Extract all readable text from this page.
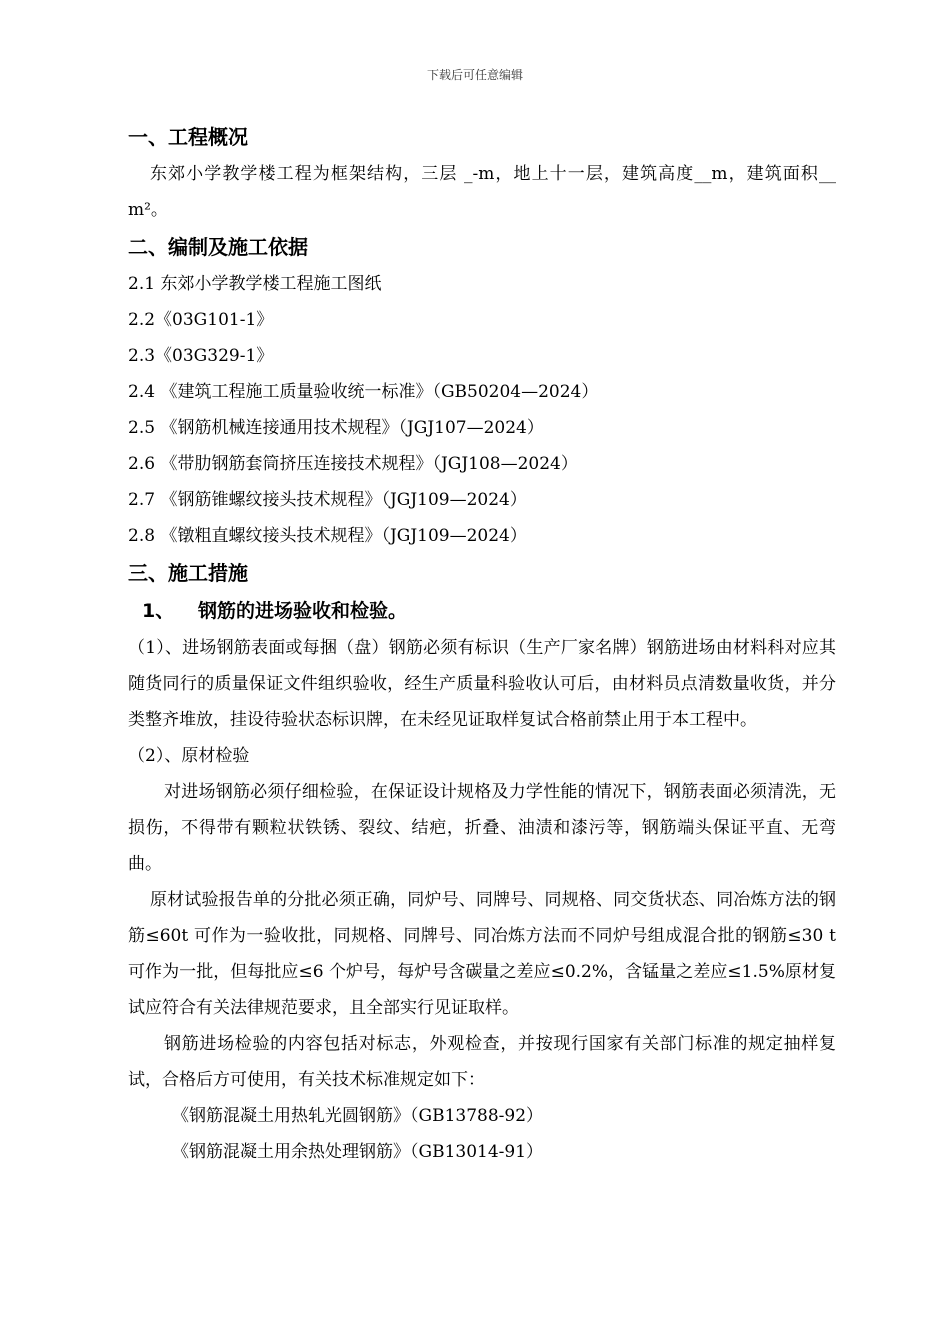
下载后可任意编辑
一、工程概况

东郊小学教学楼工程为框架结构，三层 _-m，地上十一层，建筑高度__m，建筑面积__ m²。

二、编制及施工依据

2.1 东郊小学教学楼工程施工图纸

2.2《03G101-1》

2.3《03G329-1》

2.4 《建筑工程施工质量验收统一标准》（GB50204—2024）

2.5 《钢筋机械连接通用技术规程》（JGJ107—2024）

2.6 《带肋钢筋套筒挤压连接技术规程》（JGJ108—2024）

2.7 《钢筋锥螺纹接头技术规程》（JGJ109—2024）

2.8 《镦粗直螺纹接头技术规程》（JGJ109—2024）

三、施工措施
1、 钢筋的进场验收和检验。

（1）、进场钢筋表面或每捆（盘）钢筋必须有标识（生产厂家名牌）钢筋进场由材料科对应其随货同行的质量保证文件组织验收，经生产质量科验收认可后，由材料员点清数量收货，并分类整齐堆放，挂设待验状态标识牌，在未经见证取样复试合格前禁止用于本工程中。

（2）、原材检验

对进场钢筋必须仔细检验，在保证设计规格及力学性能的情况下，钢筋表面必须清洗，无损伤，不得带有颗粒状铁锈、裂纹、结疤，折叠、油渍和漆污等，钢筋端头保证平直、无弯曲。

原材试验报告单的分批必须正确，同炉号、同牌号、同规格、同交货状态、同冶炼方法的钢筋≤60t 可作为一验收批，同规格、同牌号、同冶炼方法而不同炉号组成混合批的钢筋≤30 t 可作为一批，但每批应≤6 个炉号，每炉号含碳量之差应≤0.2%，含锰量之差应≤1.5%原材复试应符合有关法律规范要求，且全部实行见证取样。

钢筋进场检验的内容包括对标志，外观检查，并按现行国家有关部门标准的规定抽样复试，合格后方可使用，有关技术标准规定如下：

《钢筋混凝土用热轧光圆钢筋》（GB13788-92）

《钢筋混凝土用余热处理钢筋》（GB13014-91）
